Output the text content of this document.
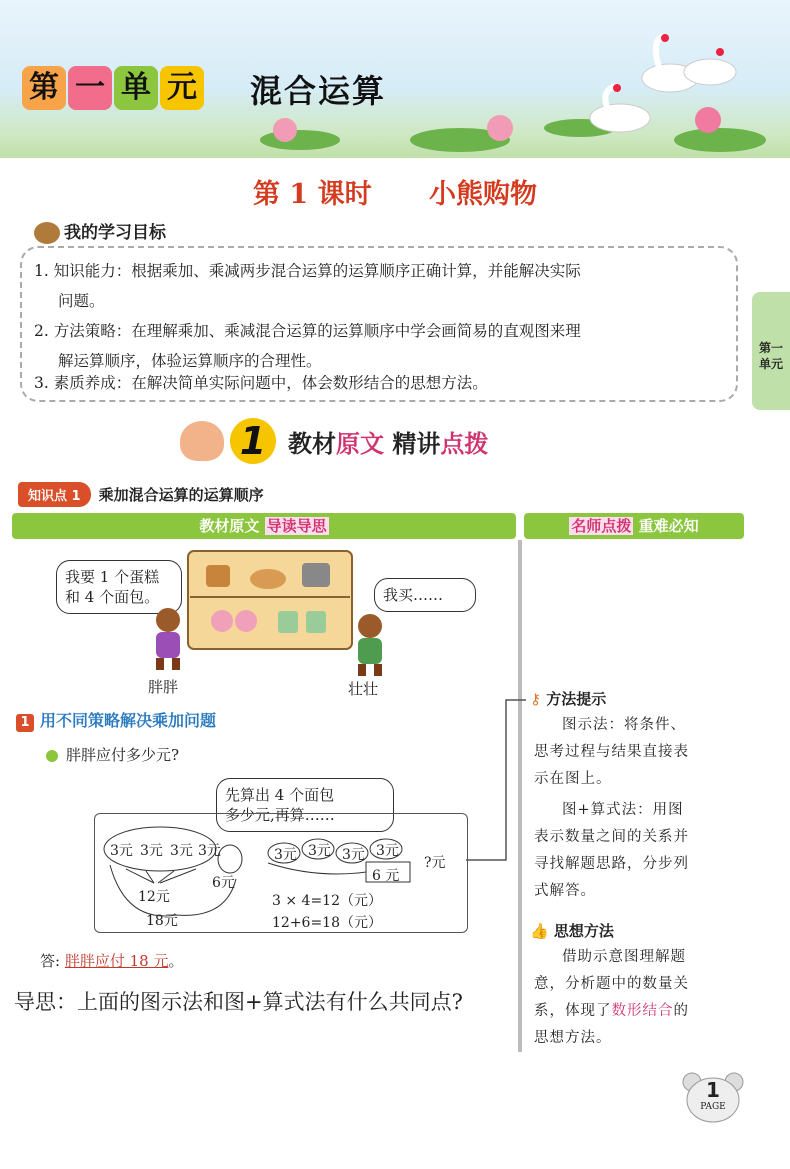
第 一 单 元 混合运算
第 1 课时 小熊购物
我的学习目标
1. 知识能力：根据乘加、乘减两步混合运算的运算顺序正确计算，并能解决实际
问题。
2. 方法策略：在理解乘加、乘减混合运算的运算顺序中学会画简易的直观图来理
解运算顺序，体验运算顺序的合理性。
3. 素质养成：在解决简单实际问题中，体会数形结合的思想方法。
第一单元
1 教材原文 精讲点拨
知识点 1	乘加混合运算的运算顺序
教材原文 导读导思	名师点拨 重难必知
我要 1 个蛋糕
和 4 个面包。	我买……
胖胖	壮壮
1 用不同策略解决乘加问题
胖胖应付多少元?
先算出 4 个面包
多少元,再算……
3元 3元 3元 3元
6元
12元
18元
3元 3元 3元 3元
6 元
?元
3 × 4=12（元）
12+6=18（元）
答: 胖胖应付 18 元。
导思：上面的图示法和图+算式法有什么共同点?
⚷ 方法提示
图示法：将条件、
思考过程与结果直接表
示在图上。
图+算式法：用图
表示数量之间的关系并
寻找解题思路，分步列
式解答。
👍 思想方法
借助示意图理解题
意，分析题中的数量关
系，体现了数形结合的
思想方法。
1
PAGE
